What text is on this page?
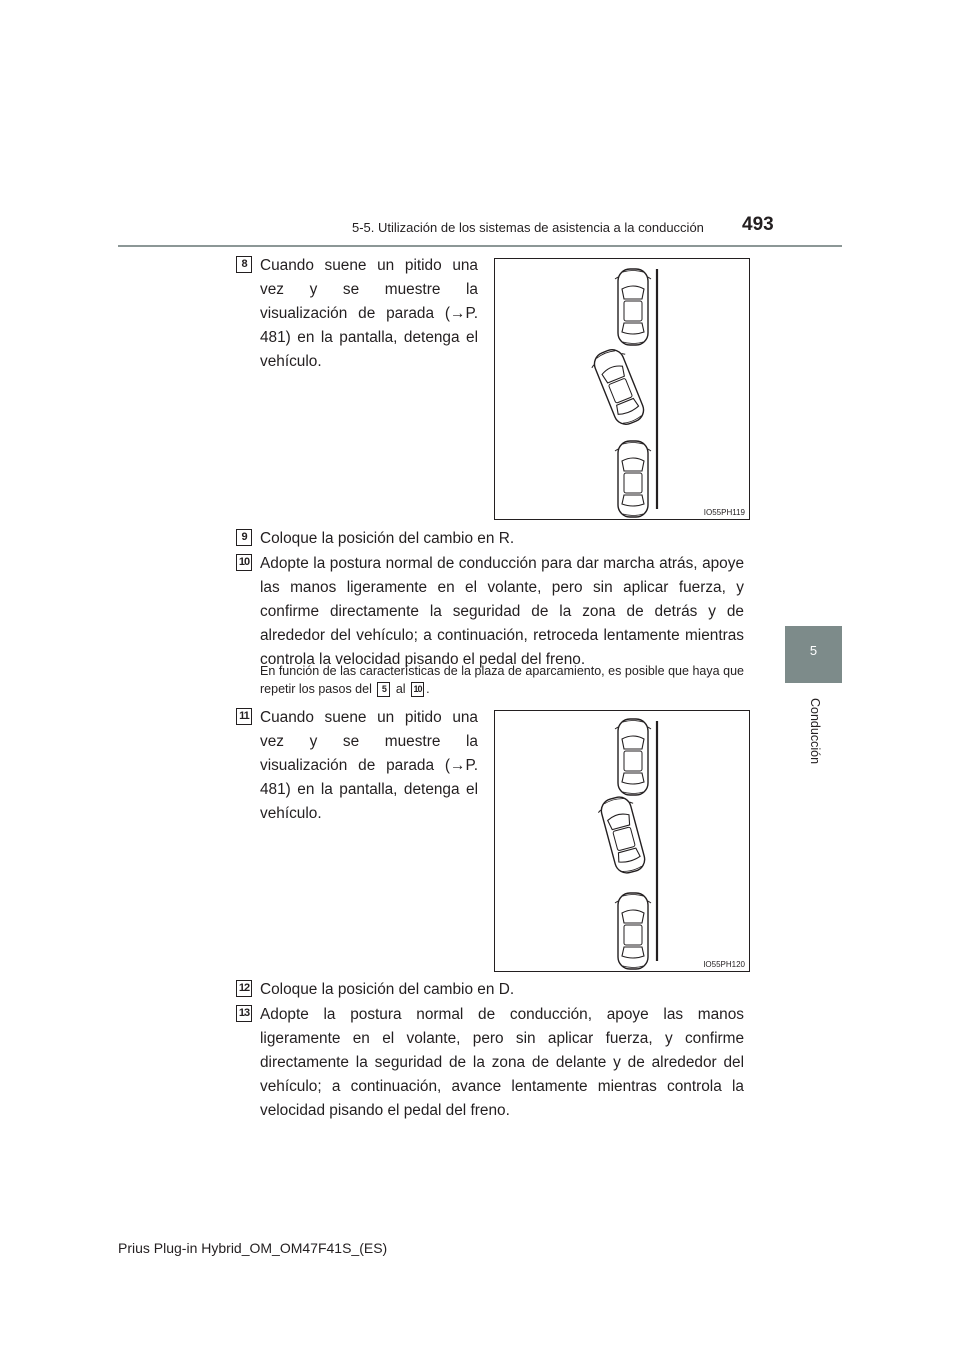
5-5. Utilización de los sistemas de asistencia a la conducción 493
5
Conducción
8 Cuando suene un pitido una vez y se muestre la visualización de parada (→P. 481) en la pantalla, detenga el vehículo.
IO55PH119
9 Coloque la posición del cambio en R.
10 Adopte la postura normal de conducción para dar marcha atrás, apoye las manos ligeramente en el volante, pero sin aplicar fuerza, y confirme directamente la seguridad de la zona de detrás y de alrededor del vehículo; a continuación, retroceda lentamente mientras controla la velocidad pisando el pedal del freno.
En función de las características de la plaza de aparcamiento, es posible que haya que repetir los pasos del 5 al 10 .
11 Cuando suene un pitido una vez y se muestre la visualización de parada (→P. 481) en la pantalla, detenga el vehículo.
IO55PH120
12 Coloque la posición del cambio en D.
13 Adopte la postura normal de conducción, apoye las manos ligeramente en el volante, pero sin aplicar fuerza, y confirme directamente la seguridad de la zona de delante y de alrededor del vehículo; a continuación, avance lentamente mientras controla la velocidad pisando el pedal del freno.
Prius Plug-in Hybrid_OM_OM47F41S_(ES)
